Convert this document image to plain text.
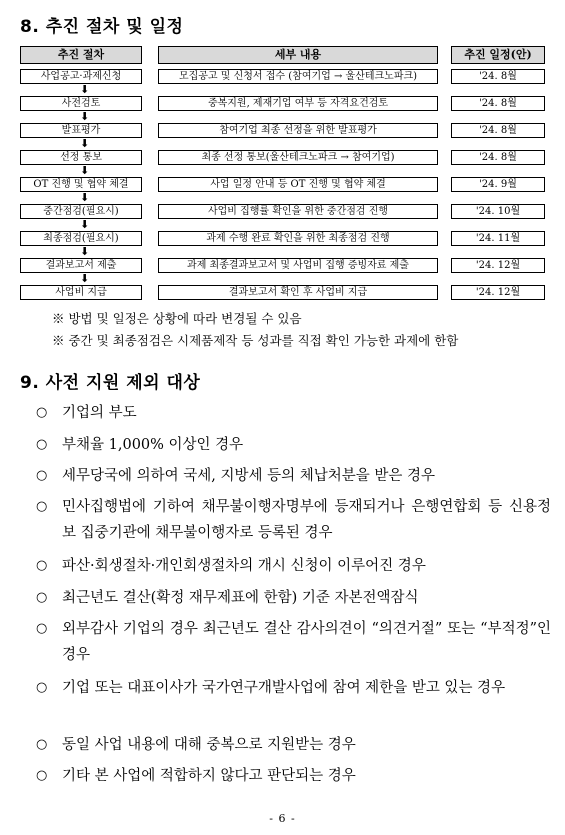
8. 추진 절차 및 일정
추진 절차	세부 내용	추진 일정(안)
사업공고·과제신청	모집공고 및 신청서 접수 (참여기업 → 울산테크노파크)	'24. 8월
⬇
사전검토	중복지원, 제재기업 여부 등 자격요건검토	'24. 8월
⬇
발표평가	참여기업 최종 선정을 위한 발표평가	'24. 8월
⬇
선정 통보	최종 선정 통보(울산테크노파크 → 참여기업)	'24. 8월
⬇
OT 진행 및 협약 체결	사업 일정 안내 등 OT 진행 및 협약 체결	'24. 9월
⬇
중간점검(필요시)	사업비 집행률 확인을 위한 중간점검 진행	'24. 10월
⬇
최종점검(필요시)	과제 수행 완료 확인을 위한 최종점검 진행	'24. 11월
⬇
결과보고서 제출	과제 최종결과보고서 및 사업비 집행 증빙자료 제출	'24. 12월
⬇
사업비 지급	결과보고서 확인 후 사업비 지급	'24. 12월
※ 방법 및 일정은 상황에 따라 변경될 수 있음
※ 중간 및 최종점검은 시제품제작 등 성과를 직접 확인 가능한 과제에 한함
9. 사전 지원 제외 대상
○ 기업의 부도
○ 부채율 1,000% 이상인 경우
○ 세무당국에 의하여 국세, 지방세 등의 체납처분을 받은 경우
○ 민사집행법에 기하여 채무불이행자명부에 등재되거나 은행연합회 등 신용정보 집중기관에 채무불이행자로 등록된 경우
○ 파산·회생절차·개인회생절차의 개시 신청이 이루어진 경우
○ 최근년도 결산(확정 재무제표에 한함) 기준 자본전액잠식
○ 외부감사 기업의 경우 최근년도 결산 감사의견이 “의견거절” 또는 “부적정”인 경우
○ 기업 또는 대표이사가 국가연구개발사업에 참여 제한을 받고 있는 경우
○ 동일 사업 내용에 대해 중복으로 지원받는 경우
○ 기타 본 사업에 적합하지 않다고 판단되는 경우
- 6 -
